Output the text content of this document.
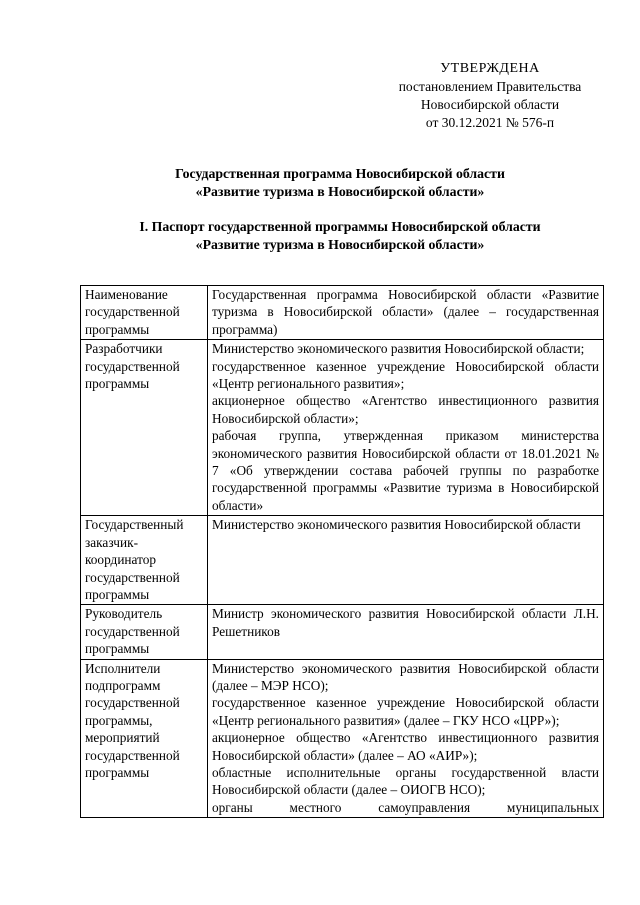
УТВЕРЖДЕНА
постановлением Правительства
Новосибирской области
от 30.12.2021 № 576-п
Государственная программа Новосибирской области
«Развитие туризма в Новосибирской области»
I. Паспорт государственной программы Новосибирской области
«Развитие туризма в Новосибирской области»
Наименование государственной программы	Государственная программа Новосибирской области «Развитие туризма в Новосибирской области» (далее – государственная программа)

Разработчики государственной программы	Министерство экономического развития Новосибирской области;
государственное казенное учреждение Новосибирской области «Центр регионального развития»;
акционерное общество «Агентство инвестиционного развития Новосибирской области»;
рабочая группа, утвержденная приказом министерства экономического развития Новосибирской области от 18.01.2021 № 7 «Об утверждении состава рабочей группы по разработке государственной программы «Развитие туризма в Новосибирской области»

Государственный заказчик-координатор государственной программы	Министерство экономического развития Новосибирской области

Руководитель государственной программы	Министр экономического развития Новосибирской области Л.Н. Решетников

Исполнители подпрограмм государственной программы, мероприятий государственной программы	Министерство экономического развития Новосибирской области (далее – МЭР НСО);
государственное казенное учреждение Новосибирской области «Центр регионального развития» (далее – ГКУ НСО «ЦРР»);
акционерное общество «Агентство инвестиционного развития Новосибирской области» (далее – АО «АИР»);
областные исполнительные органы государственной власти Новосибирской области (далее – ОИОГВ НСО);
органы местного самоуправления муниципальных
